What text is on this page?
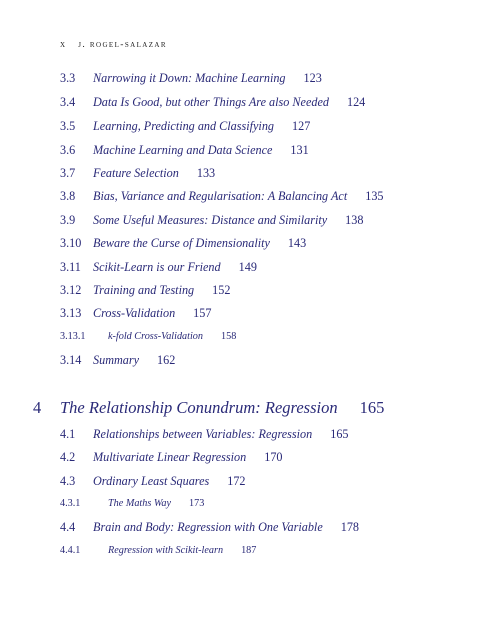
x j. rogel-salazar
3.3 Narrowing it Down: Machine Learning 123
3.4 Data Is Good, but other Things Are also Needed 124
3.5 Learning, Predicting and Classifying 127
3.6 Machine Learning and Data Science 131
3.7 Feature Selection 133
3.8 Bias, Variance and Regularisation: A Balancing Act 135
3.9 Some Useful Measures: Distance and Similarity 138
3.10 Beware the Curse of Dimensionality 143
3.11 Scikit-Learn is our Friend 149
3.12 Training and Testing 152
3.13 Cross-Validation 157
3.13.1 k-fold Cross-Validation 158
3.14 Summary 162
4 The Relationship Conundrum: Regression 165
4.1 Relationships between Variables: Regression 165
4.2 Multivariate Linear Regression 170
4.3 Ordinary Least Squares 172
4.3.1	The Maths Way 173
4.4 Brain and Body: Regression with One Variable 178
4.4.1	Regression with Scikit-learn 187
